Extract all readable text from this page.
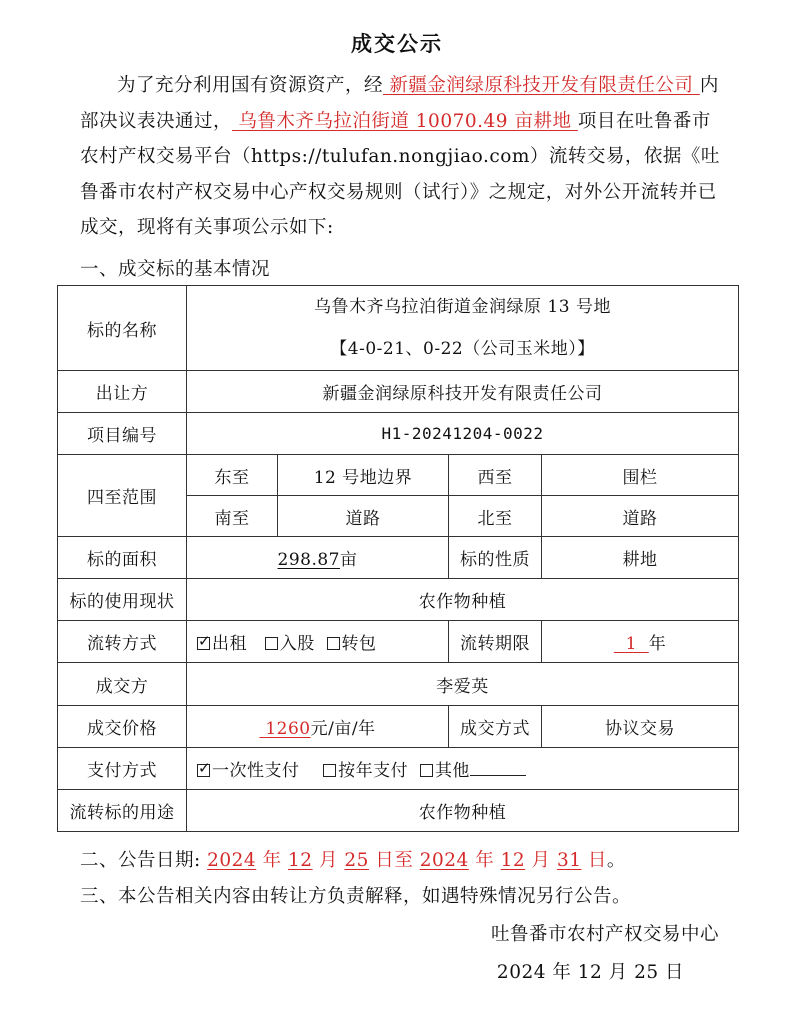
成交公示
为了充分利用国有资源资产，经 新疆金润绿原科技开发有限责任公司 内部决议表决通过， 乌鲁木齐乌拉泊街道 10070.49 亩耕地 项目在吐鲁番市农村产权交易平台（https://tulufan.nongjiao.com）流转交易，依据《吐鲁番市农村产权交易中心产权交易规则（试行）》之规定，对外公开流转并已成交，现将有关事项公示如下:
一、成交标的基本情况
标的名称	乌鲁木齐乌拉泊街道金润绿原 13 号地
【4-0-21、0-22（公司玉米地）】			

出让方	新疆金润绿原科技开发有限责任公司			
项目编号	H1-20241204-0022			
四至范围	东至	12 号地边界	西至	围栏
	南至	道路	北至	道路
标的面积	298.87亩		标的性质	耕地
标的使用现状	农作物种植			
流转方式	✓出租 入股 转包		流转期限	1 年
成交方	李爱英			
成交价格	1260元/亩/年		成交方式	协议交易
支付方式	✓一次性支付 按年支付 其他
流转标的用途	农作物种植			
二、公告日期: 2024 年 12 月 25 日至 2024 年 12 月 31 日。
三、本公告相关内容由转让方负责解释，如遇特殊情况另行公告。
吐鲁番市农村产权交易中心
2024 年 12 月 25 日
